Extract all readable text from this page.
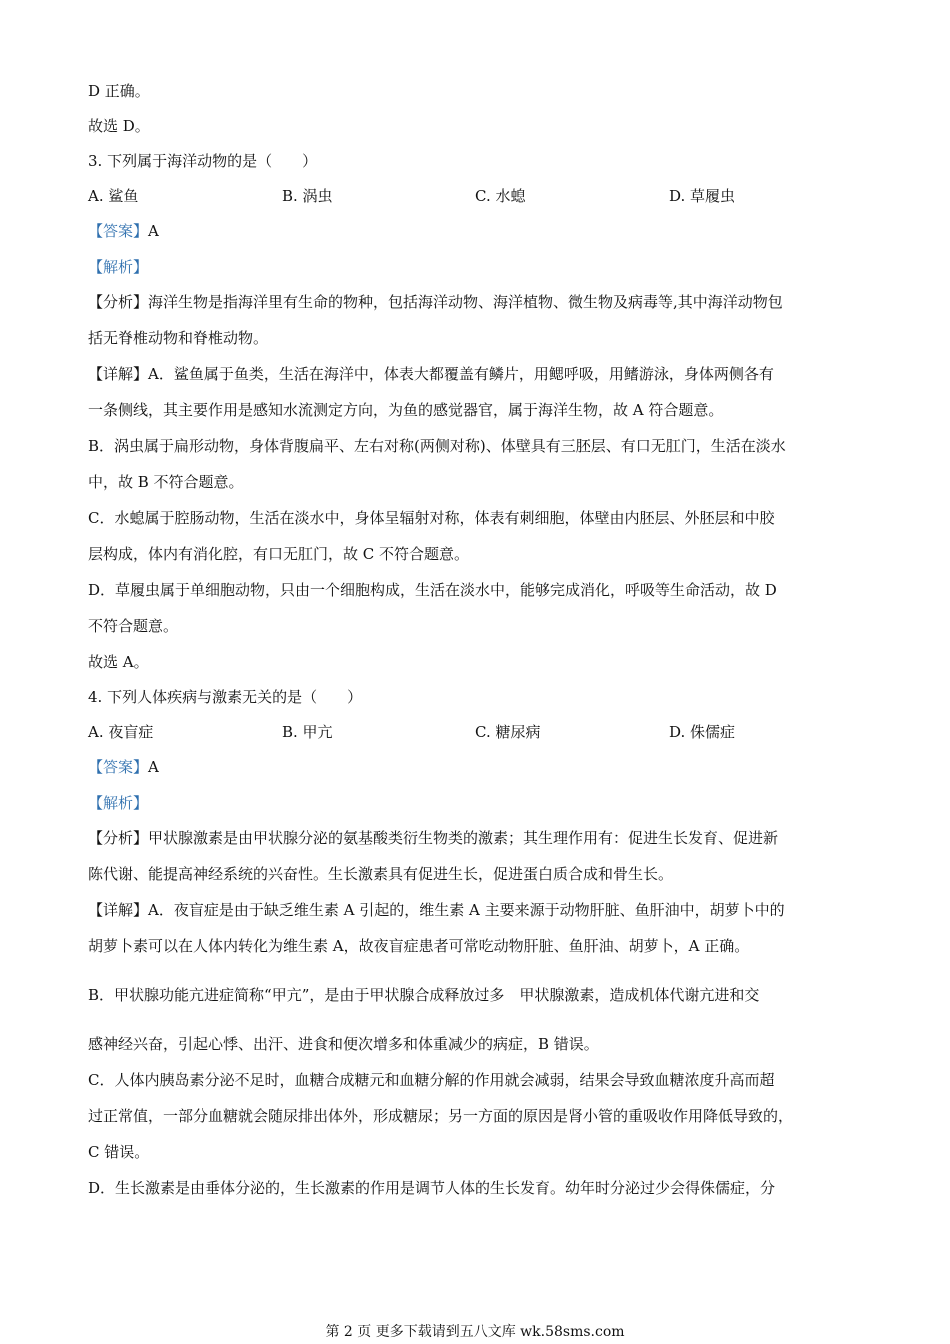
D 正确。
故选 D。
3. 下列属于海洋动物的是（　　）
A. 鲨鱼	B. 涡虫	C. 水螅	D. 草履虫
【答案】A
【解析】
【分析】海洋生物是指海洋里有生命的物种，包括海洋动物、海洋植物、微生物及病毒等,其中海洋动物包
括无脊椎动物和脊椎动物。
【详解】A．鲨鱼属于鱼类，生活在海洋中，体表大都覆盖有鳞片，用鳃呼吸，用鳍游泳，身体两侧各有
一条侧线，其主要作用是感知水流测定方向，为鱼的感觉器官，属于海洋生物，故 A 符合题意。
B．涡虫属于扁形动物，身体背腹扁平、左右对称(两侧对称)、体壁具有三胚层、有口无肛门，生活在淡水
中，故 B 不符合题意。
C．水螅属于腔肠动物，生活在淡水中，身体呈辐射对称，体表有刺细胞，体壁由内胚层、外胚层和中胶
层构成，体内有消化腔，有口无肛门，故 C 不符合题意。
D．草履虫属于单细胞动物，只由一个细胞构成，生活在淡水中，能够完成消化，呼吸等生命活动，故 D
不符合题意。
故选 A。
4. 下列人体疾病与激素无关的是（　　）
A. 夜盲症	B. 甲亢	C. 糖尿病	D. 侏儒症
【答案】A
【解析】
【分析】甲状腺激素是由甲状腺分泌的氨基酸类衍生物类的激素；其生理作用有：促进生长发育、促进新
陈代谢、能提高神经系统的兴奋性。生长激素具有促进生长，促进蛋白质合成和骨生长。
【详解】A．夜盲症是由于缺乏维生素 A 引起的，维生素 A 主要来源于动物肝脏、鱼肝油中，胡萝卜中的
胡萝卜素可以在人体内转化为维生素 A，故夜盲症患者可常吃动物肝脏、鱼肝油、胡萝卜，A 正确。
B．甲状腺功能亢进症简称“甲亢”，是由于甲状腺合成释放过多　甲状腺激素，造成机体代谢亢进和交
感神经兴奋，引起心悸、出汗、进食和便次增多和体重减少的病症，B 错误。
C．人体内胰岛素分泌不足时，血糖合成糖元和血糖分解的作用就会减弱，结果会导致血糖浓度升高而超
过正常值，一部分血糖就会随尿排出体外，形成糖尿；另一方面的原因是肾小管的重吸收作用降低导致的，
C 错误。
D．生长激素是由垂体分泌的，生长激素的作用是调节人体的生长发育。幼年时分泌过少会得侏儒症，分
第 2 页 更多下载请到五八文库 wk.58sms.com
